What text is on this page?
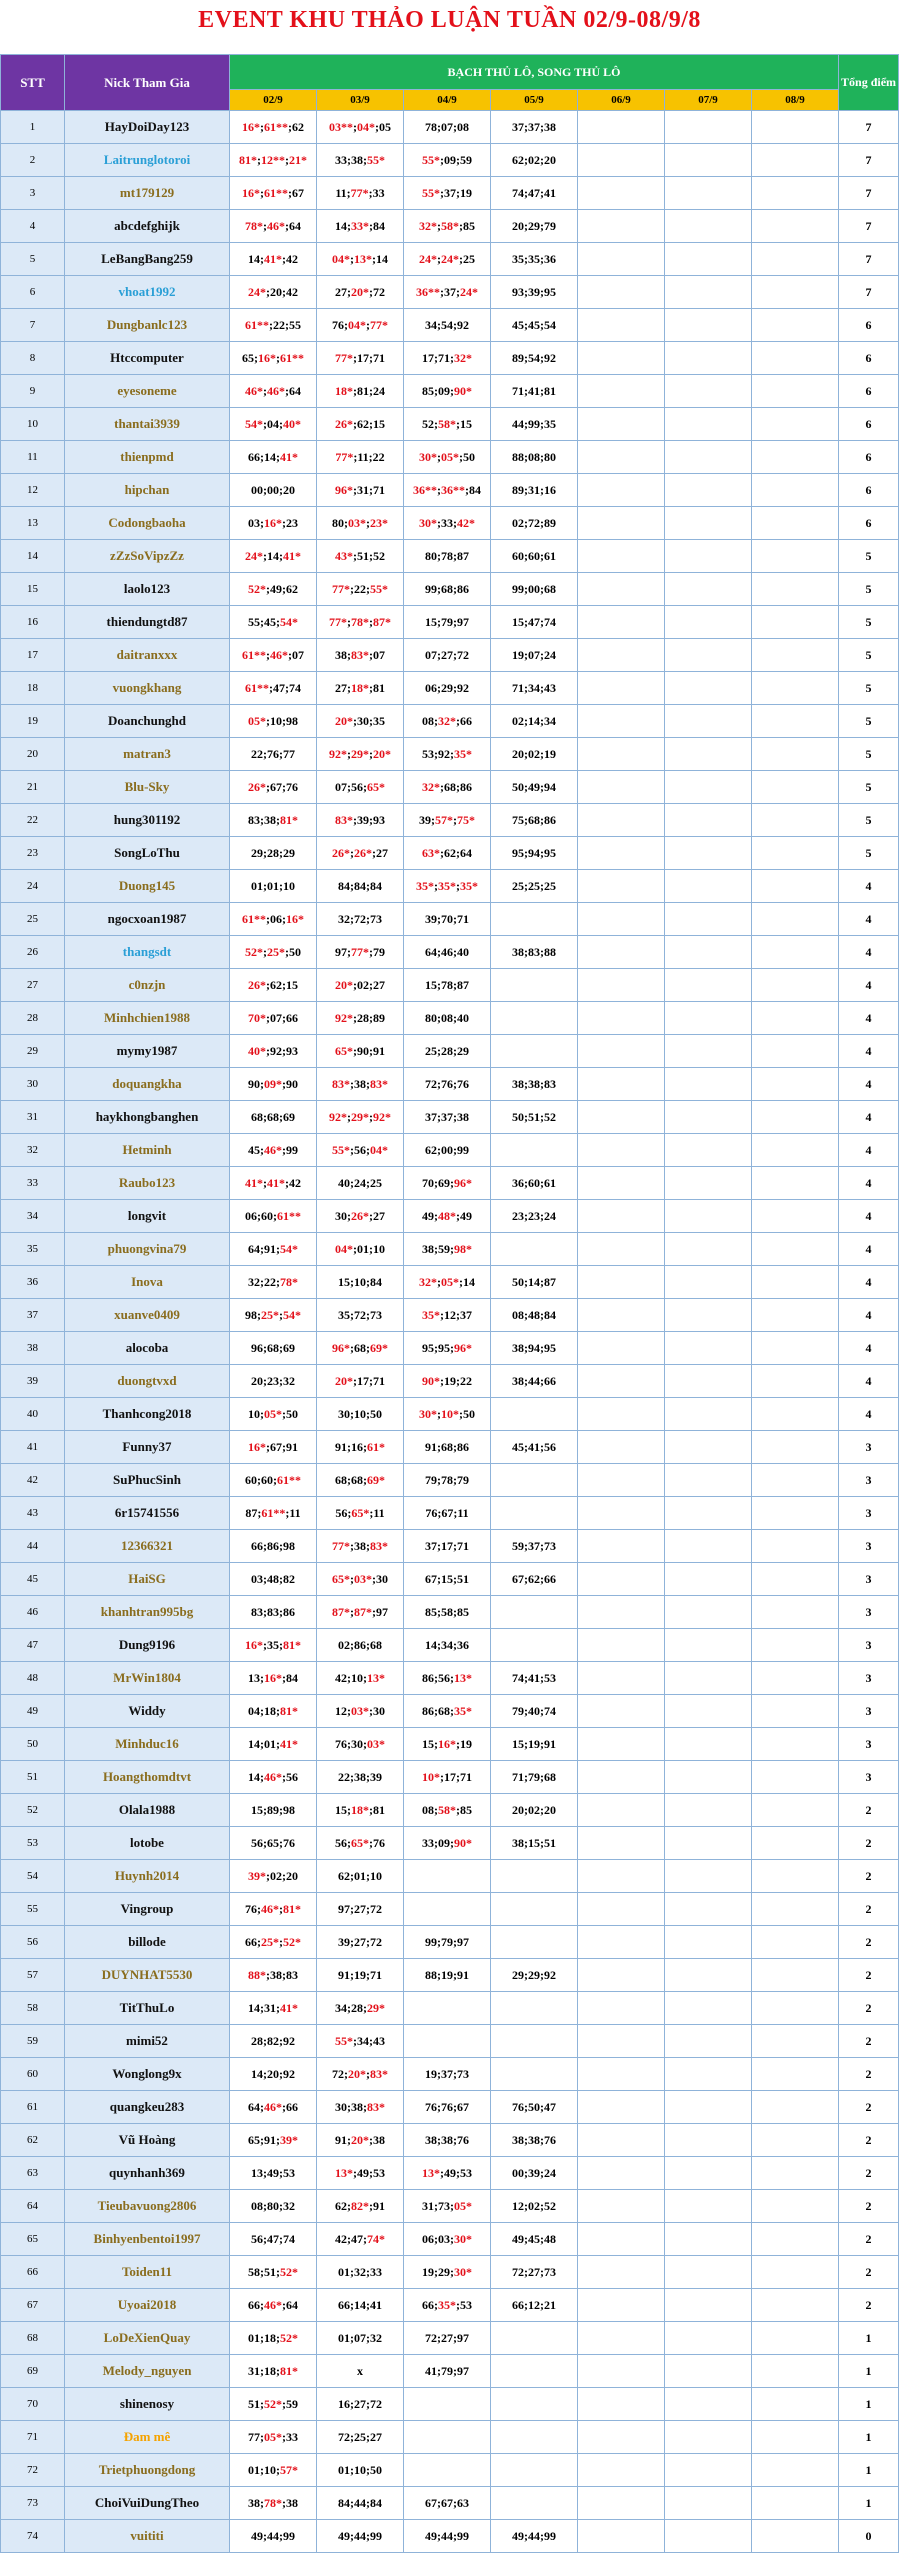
EVENT KHU THẢO LUẬN TUẦN 02/9-08/9/8
STT	Nick Tham Gia	BẠCH THỦ LÔ, SONG THỦ LÔ							Tổng điểm
		02/9	03/9	04/9	05/9	06/9	07/9	08/9	
1	HayDoiDay123	16*;61**;62	03**;04*;05	78;07;08	37;37;38				7
2	Laitrunglotoroi	81*;12**;21*	33;38;55*	55*;09;59	62;02;20				7
3	mt179129	16*;61**;67	11;77*;33	55*;37;19	74;47;41				7
4	abcdefghijk	78*;46*;64	14;33*;84	32*;58*;85	20;29;79				7
5	LeBangBang259	14;41*;42	04*;13*;14	24*;24*;25	35;35;36				7
6	vhoat1992	24*;20;42	27;20*;72	36**;37;24*	93;39;95				7
7	Dungbanlc123	61**;22;55	76;04*;77*	34;54;92	45;45;54				6
8	Htccomputer	65;16*;61**	77*;17;71	17;71;32*	89;54;92				6
9	eyesoneme	46*;46*;64	18*;81;24	85;09;90*	71;41;81				6
10	thantai3939	54*;04;40*	26*;62;15	52;58*;15	44;99;35				6
11	thienpmd	66;14;41*	77*;11;22	30*;05*;50	88;08;80				6
12	hipchan	00;00;20	96*;31;71	36**;36**;84	89;31;16				6
13	Codongbaoha	03;16*;23	80;03*;23*	30*;33;42*	02;72;89				6
14	zZzSoVipzZz	24*;14;41*	43*;51;52	80;78;87	60;60;61				5
15	laolo123	52*;49;62	77*;22;55*	99;68;86	99;00;68				5
16	thiendungtd87	55;45;54*	77*;78*;87*	15;79;97	15;47;74				5
17	daitranxxx	61**;46*;07	38;83*;07	07;27;72	19;07;24				5
18	vuongkhang	61**;47;74	27;18*;81	06;29;92	71;34;43				5
19	Doanchunghd	05*;10;98	20*;30;35	08;32*;66	02;14;34				5
20	matran3	22;76;77	92*;29*;20*	53;92;35*	20;02;19				5
21	Blu-Sky	26*;67;76	07;56;65*	32*;68;86	50;49;94				5
22	hung301192	83;38;81*	83*;39;93	39;57*;75*	75;68;86				5
23	SongLoThu	29;28;29	26*;26*;27	63*;62;64	95;94;95				5
24	Duong145	01;01;10	84;84;84	35*;35*;35*	25;25;25				4
25	ngocxoan1987	61**;06;16*	32;72;73	39;70;71					4
26	thangsdt	52*;25*;50	97;77*;79	64;46;40	38;83;88				4
27	c0nzjn	26*;62;15	20*;02;27	15;78;87					4
28	Minhchien1988	70*;07;66	92*;28;89	80;08;40					4
29	mymy1987	40*;92;93	65*;90;91	25;28;29					4
30	doquangkha	90;09*;90	83*;38;83*	72;76;76	38;38;83				4
31	haykhongbanghen	68;68;69	92*;29*;92*	37;37;38	50;51;52				4
32	Hetminh	45;46*;99	55*;56;04*	62;00;99					4
33	Raubo123	41*;41*;42	40;24;25	70;69;96*	36;60;61				4
34	longvit	06;60;61**	30;26*;27	49;48*;49	23;23;24				4
35	phuongvina79	64;91;54*	04*;01;10	38;59;98*					4
36	Inova	32;22;78*	15;10;84	32*;05*;14	50;14;87				4
37	xuanve0409	98;25*;54*	35;72;73	35*;12;37	08;48;84				4
38	alocoba	96;68;69	96*;68;69*	95;95;96*	38;94;95				4
39	duongtvxd	20;23;32	20*;17;71	90*;19;22	38;44;66				4
40	Thanhcong2018	10;05*;50	30;10;50	30*;10*;50					4
41	Funny37	16*;67;91	91;16;61*	91;68;86	45;41;56				3
42	SuPhucSinh	60;60;61**	68;68;69*	79;78;79					3
43	6r15741556	87;61**;11	56;65*;11	76;67;11					3
44	12366321	66;86;98	77*;38;83*	37;17;71	59;37;73				3
45	HaiSG	03;48;82	65*;03*;30	67;15;51	67;62;66				3
46	khanhtran995bg	83;83;86	87*;87*;97	85;58;85					3
47	Dung9196	16*;35;81*	02;86;68	14;34;36					3
48	MrWin1804	13;16*;84	42;10;13*	86;56;13*	74;41;53				3
49	Widdy	04;18;81*	12;03*;30	86;68;35*	79;40;74				3
50	Minhduc16	14;01;41*	76;30;03*	15;16*;19	15;19;91				3
51	Hoangthomdtvt	14;46*;56	22;38;39	10*;17;71	71;79;68				3
52	Olala1988	15;89;98	15;18*;81	08;58*;85	20;02;20				2
53	lotobe	56;65;76	56;65*;76	33;09;90*	38;15;51				2
54	Huynh2014	39*;02;20	62;01;10						2
55	Vingroup	76;46*;81*	97;27;72						2
56	billode	66;25*;52*	39;27;72	99;79;97					2
57	DUYNHAT5530	88*;38;83	91;19;71	88;19;91	29;29;92				2
58	TitThuLo	14;31;41*	34;28;29*						2
59	mimi52	28;82;92	55*;34;43						2
60	Wonglong9x	14;20;92	72;20*;83*	19;37;73					2
61	quangkeu283	64;46*;66	30;38;83*	76;76;67	76;50;47				2
62	Vũ Hoàng	65;91;39*	91;20*;38	38;38;76	38;38;76				2
63	quynhanh369	13;49;53	13*;49;53	13*;49;53	00;39;24				2
64	Tieubavuong2806	08;80;32	62;82*;91	31;73;05*	12;02;52				2
65	Binhyenbentoi1997	56;47;74	42;47;74*	06;03;30*	49;45;48				2
66	Toiden11	58;51;52*	01;32;33	19;29;30*	72;27;73				2
67	Uyoai2018	66;46*;64	66;14;41	66;35*;53	66;12;21				2
68	LoDeXienQuay	01;18;52*	01;07;32	72;27;97					1
69	Melody_nguyen	31;18;81*	x	41;79;97					1
70	shinenosy	51;52*;59	16;27;72						1
71	Đam mê	77;05*;33	72;25;27						1
72	Trietphuongdong	01;10;57*	01;10;50						1
73	ChoiVuiDungTheo	38;78*;38	84;44;84	67;67;63					1
74	vuititi	49;44;99	49;44;99	49;44;99	49;44;99				0
